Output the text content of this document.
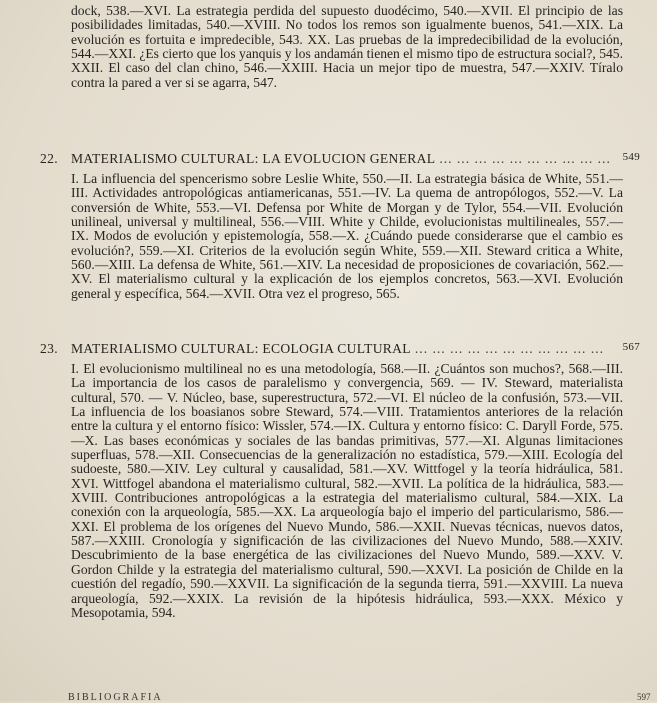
dock, 538.—XVI. La estrategia perdida del supuesto duodécimo, 540.—XVII. El principio de las posibilidades limitadas, 540.—XVIII. No todos los remos son igualmente buenos, 541.—XIX. La evolución es fortuita e impredecible, 543. XX. Las pruebas de la impredecibilidad de la evolución, 544.—XXI. ¿Es cierto que los yanquis y los andamán tienen el mismo tipo de estructura social?, 545. XXII. El caso del clan chino, 546.—XXIII. Hacia un mejor tipo de muestra, 547.—XXIV. Tíralo contra la pared a ver si se agarra, 547.

22. MATERIALISMO CULTURAL: LA EVOLUCION GENERAL ... ... ... ... ... ... ... ... ... ...	549

I. La influencia del spencerismo sobre Leslie White, 550.—II. La estrategia básica de White, 551.—III. Actividades antropológicas antiamericanas, 551.—IV. La quema de antropólogos, 552.—V. La conversión de White, 553.—VI. Defensa por White de Morgan y de Tylor, 554.—VII. Evolución unilineal, universal y multilineal, 556.—VIII. White y Childe, evolucionistas multilineales, 557.—IX. Modos de evolución y epistemología, 558.—X. ¿Cuándo puede considerarse que el cambio es evolución?, 559.—XI. Criterios de la evolución según White, 559.—XII. Steward critica a White, 560.—XIII. La defensa de White, 561.—XIV. La necesidad de proposiciones de covariación, 562.—XV. El materialismo cultural y la explicación de los ejemplos concretos, 563.—XVI. Evolución general y específica, 564.—XVII. Otra vez el progreso, 565.

23. MATERIALISMO CULTURAL: ECOLOGIA CULTURAL ... ... ... ... ... ... ... ... ... ... ...	567

I. El evolucionismo multilineal no es una metodología, 568.—II. ¿Cuántos son muchos?, 568.—III. La importancia de los casos de paralelismo y convergencia, 569. — IV. Steward, materialista cultural, 570. — V. Núcleo, base, superestructura, 572.—VI. El núcleo de la confusión, 573.—VII. La influencia de los boasianos sobre Steward, 574.—VIII. Tratamientos anteriores de la relación entre la cultura y el entorno físico: Wissler, 574.—IX. Cultura y entorno físico: C. Daryll Forde, 575.—X. Las bases económicas y sociales de las bandas primitivas, 577.—XI. Algunas limitaciones superfluas, 578.—XII. Consecuencias de la generalización no estadística, 579.—XIII. Ecología del sudoeste, 580.—XIV. Ley cultural y causalidad, 581.—XV. Wittfogel y la teoría hidráulica, 581. XVI. Wittfogel abandona el materialismo cultural, 582.—XVII. La política de la hidráulica, 583.—XVIII. Contribuciones antropológicas a la estrategia del materialismo cultural, 584.—XIX. La conexión con la arqueología, 585.—XX. La arqueología bajo el imperio del particularismo, 586.—XXI. El problema de los orígenes del Nuevo Mundo, 586.—XXII. Nuevas técnicas, nuevos datos, 587.—XXIII. Cronología y significación de las civilizaciones del Nuevo Mundo, 588.—XXIV. Descubrimiento de la base energética de las civilizaciones del Nuevo Mundo, 589.—XXV. V. Gordon Childe y la estrategia del materialismo cultural, 590.—XXVI. La posición de Childe en la cuestión del regadío, 590.—XXVII. La significación de la segunda tierra, 591.—XXVIII. La nueva arqueología, 592.—XXIX. La revisión de la hipótesis hidráulica, 593.—XXX. México y Mesopotamia, 594.

BIBLIOGRAFIA	597
